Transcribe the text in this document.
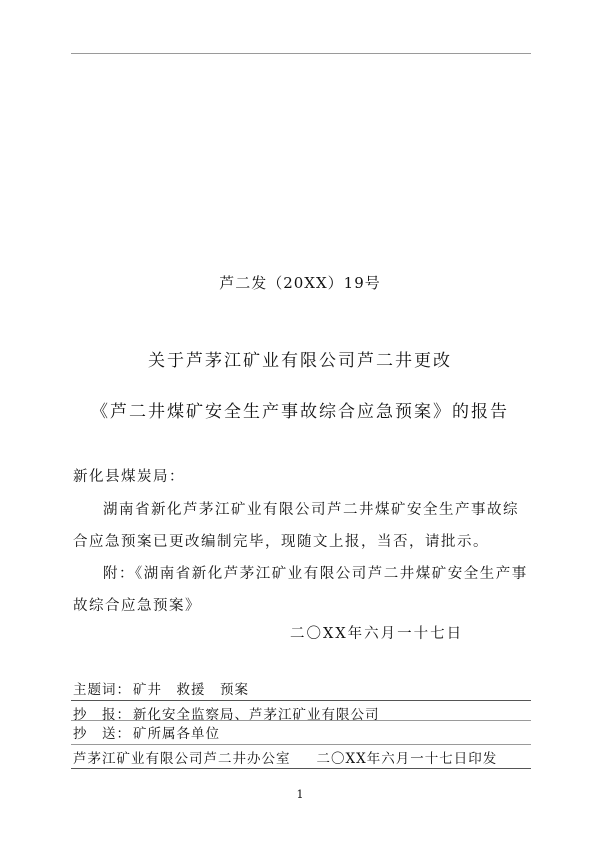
芦二发（20XX）19号
关于芦茅江矿业有限公司芦二井更改
《芦二井煤矿安全生产事故综合应急预案》的报告
新化县煤炭局：
湖南省新化芦茅江矿业有限公司芦二井煤矿安全生产事故综合应急预案已更改编制完毕，现随文上报，当否，请批示。
附：《湖南省新化芦茅江矿业有限公司芦二井煤矿安全生产事故综合应急预案》
二〇XX年六月一十七日
主题词： 矿井　救援　预案
抄　报： 新化安全监察局、芦茅江矿业有限公司
抄　送： 矿所属各单位
芦茅江矿业有限公司芦二井办公室 二〇XX年六月一十七日印发
1
